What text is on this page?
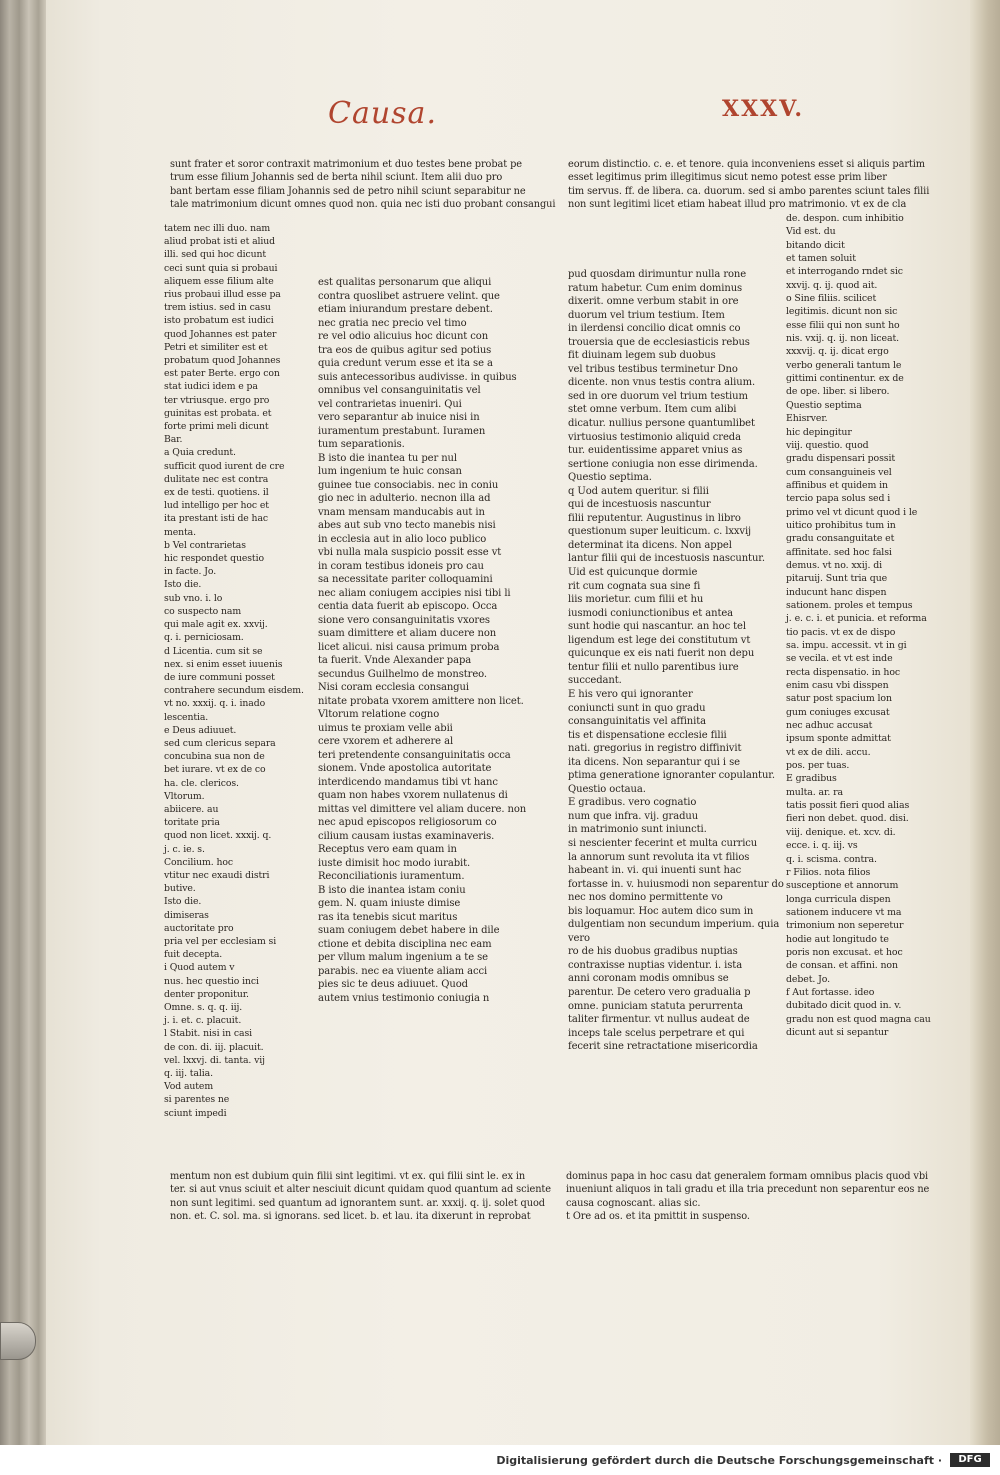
Causa.	XXXV.
sunt frater et soror contraxit matrimonium et duo testes bene probat pe
trum esse filium Johannis sed de berta nihil sciunt. Item alii duo pro
bant bertam esse filiam Johannis sed de petro nihil sciunt separabitur ne
tale matrimonium dicunt omnes quod non. quia nec isti duo probant consangui
eorum distinctio. c. e. et tenore. quia inconveniens esset si aliquis partim
esset legitimus prim illegitimus sicut nemo potest esse prim liber
tim servus. ff. de libera. ca. duorum. sed si ambo parentes sciunt tales filii
non sunt legitimi licet etiam habeat illud pro matrimonio. vt ex de cla
tatem nec illi duo. nam
aliud probat isti et aliud
illi. sed qui hoc dicunt
ceci sunt quia si probaui
aliquem esse filium alte
rius probaui illud esse pa
trem istius. sed in casu
isto probatum est iudici
quod Johannes est pater
Petri et similiter est et
probatum quod Johannes
est pater Berte. ergo con
stat iudici idem e pa
ter vtriusque. ergo pro
guinitas est probata. et
forte primi meli dicunt
Bar.
a Quia credunt.
sufficit quod iurent de cre
dulitate nec est contra
ex de testi. quotiens. il
lud intelligo per hoc et
ita prestant isti de hac
menta.
b Vel contrarietas
hic respondet questio
in facte. Jo.
Isto die.
sub vno. i. lo
co suspecto nam
qui male agit ex. xxvij.
q. i. perniciosam.
d Licentia. cum sit se
nex. si enim esset iuuenis
de iure communi posset
contrahere secundum eisdem.
vt no. xxxij. q. i. inado
lescentia.
e Deus adiuuet.
sed cum clericus separa
concubina sua non de
bet iurare. vt ex de co
ha. cle. clericos.
Vltorum.
abiicere. au
toritate pria
quod non licet. xxxij. q.
j. c. ie. s.
Concilium. hoc
vtitur nec exaudi distri
butive.
Isto die.
dimiseras
auctoritate pro
pria vel per ecclesiam si
fuit decepta.
i Quod autem v
nus. hec questio inci
denter proponitur.
Omne. s. q. q. iij.
j. i. et. c. placuit.
l Stabit. nisi in casi
de con. di. iij. placuit.
vel. lxxvj. di. tanta. vij
q. iij. talia.
Vod autem
si parentes ne
sciunt impedi
est qualitas personarum que aliqui
contra quoslibet astruere velint. que
etiam iniurandum prestare debent.
nec gratia nec precio vel timo
re vel odio alicuius hoc dicunt con
tra eos de quibus agitur sed potius
quia credunt verum esse et ita se a
suis antecessoribus audivisse. in quibus
omnibus vel consanguinitatis vel
vel contrarietas inueniri. Qui
vero separantur ab inuice nisi in
iuramentum prestabunt. Iuramen
tum separationis.
B isto die inantea tu per nul
lum ingenium te huic consan
guinee tue consociabis. nec in coniu
gio nec in adulterio. necnon illa ad
vnam mensam manducabis aut in
abes aut sub vno tecto manebis nisi
in ecclesia aut in alio loco publico
vbi nulla mala suspicio possit esse vt
in coram testibus idoneis pro cau
sa necessitate pariter colloquamini
nec aliam coniugem accipies nisi tibi li
centia data fuerit ab episcopo. Occa
sione vero consanguinitatis vxores
suam dimittere et aliam ducere non
licet alicui. nisi causa primum proba
ta fuerit. Vnde Alexander papa
secundus Guilhelmo de monstreo.
Nisi coram ecclesia consangui
nitate probata vxorem amittere non licet.
Vltorum relatione cogno
uimus te proxiam velle abii
cere vxorem et adherere al
teri pretendente consanguinitatis occa
sionem. Vnde apostolica autoritate
interdicendo mandamus tibi vt hanc
quam non habes vxorem nullatenus di
mittas vel dimittere vel aliam ducere. non
nec apud episcopos religiosorum co
cilium causam iustas examinaveris.
Receptus vero eam quam in
iuste dimisit hoc modo iurabit.
Reconciliationis iuramentum.
B isto die inantea istam coniu
gem. N. quam iniuste dimise
ras ita tenebis sicut maritus
suam coniugem debet habere in dile
ctione et debita disciplina nec eam
per vllum malum ingenium a te se
parabis. nec ea viuente aliam acci
pies sic te deus adiuuet. Quod
autem vnius testimonio coniugia n
pud quosdam dirimuntur nulla rone
ratum habetur. Cum enim dominus
dixerit. omne verbum stabit in ore
duorum vel trium testium. Item
in ilerdensi concilio dicat omnis co
trouersia que de ecclesiasticis rebus
fit diuinam legem sub duobus
vel tribus testibus terminetur Dno
dicente. non vnus testis contra alium.
sed in ore duorum vel trium testium
stet omne verbum. Item cum alibi
dicatur. nullius persone quantumlibet
virtuosius testimonio aliquid creda
tur. euidentissime apparet vnius as
sertione coniugia non esse dirimenda.
Questio septima.
q Uod autem queritur. si filii
qui de incestuosis nascuntur
filii reputentur. Augustinus in libro
questionum super leuiticum. c. lxxvij
determinat ita dicens. Non appel
lantur filii qui de incestuosis nascuntur.
Uid est quicunque dormie
rit cum cognata sua sine fi
liis morietur. cum filii et hu
iusmodi coniunctionibus et antea
sunt hodie qui nascantur. an hoc tel
ligendum est lege dei constitutum vt
quicunque ex eis nati fuerit non depu
tentur filii et nullo parentibus iure
succedant.
E his vero qui ignoranter
coniuncti sunt in quo gradu
consanguinitatis vel affinita
tis et dispensatione ecclesie filii
nati. gregorius in registro diffinivit
ita dicens. Non separantur qui i se
ptima generatione ignoranter copulantur.
Questio octaua.
E gradibus. vero cognatio
num que infra. vij. graduu
in matrimonio sunt iniuncti.
si nescienter fecerint et multa curricu
la annorum sunt revoluta ita vt filios
habeant in. vi. qui inuenti sunt hac
fortasse in. v. huiusmodi non separentur do
nec nos domino permittente vo
bis loquamur. Hoc autem dico sum in
dulgentiam non secundum imperium. quia vero
ro de his duobus gradibus nuptias
contraxisse nuptias videntur. i. ista
anni coronam modis omnibus se
parentur. De cetero vero gradualia p
omne. puniciam statuta perurrenta
taliter firmentur. vt nullus audeat de
inceps tale scelus perpetrare et qui
fecerit sine retractatione misericordia
de. despon. cum inhibitio
Vid est. du
bitando dicit
et tamen soluit
et interrogando rndet sic
xxvij. q. ij. quod ait.
o Sine filiis. scilicet
legitimis. dicunt non sic
esse filii qui non sunt ho
nis. vxij. q. ij. non liceat.
xxxvij. q. ij. dicat ergo
verbo generali tantum le
gittimi continentur. ex de
de ope. liber. si libero.
Questio septima
Ehisrver.
hic depingitur
viij. questio. quod
gradu dispensari possit
cum consanguineis vel
affinibus et quidem in
tercio papa solus sed i
primo vel vt dicunt quod i le
uitico prohibitus tum in
gradu consanguitate et
affinitate. sed hoc falsi
demus. vt no. xxij. di
pitaruij. Sunt tria que
inducunt hanc dispen
sationem. proles et tempus
j. e. c. i. et punicia. et reforma
tio pacis. vt ex de dispo
sa. impu. accessit. vt in gi
se vecila. et vt est inde
recta dispensatio. in hoc
enim casu vbi disspen
satur post spacium lon
gum coniuges excusat
nec adhuc accusat
ipsum sponte admittat
vt ex de dili. accu.
pos. per tuas.
E gradibus
multa. ar. ra
tatis possit fieri quod alias
fieri non debet. quod. disi.
viij. denique. et. xcv. di.
ecce. i. q. iij. vs
q. i. scisma. contra.
r Filios. nota filios
susceptione et annorum
longa curricula dispen
sationem inducere vt ma
trimonium non seperetur
hodie aut longitudo te
poris non excusat. et hoc
de consan. et affini. non
debet. Jo.
f Aut fortasse. ideo
dubitado dicit quod in. v.
gradu non est quod magna cau
dicunt aut si sepantur
mentum non est dubium quin filii sint legitimi. vt ex. qui filii sint le. ex in
ter. si aut vnus sciuit et alter nesciuit dicunt quidam quod quantum ad sciente
non sunt legitimi. sed quantum ad ignorantem sunt. ar. xxxij. q. ij. solet quod
non. et. C. sol. ma. si ignorans. sed licet. b. et lau. ita dixerunt in reprobat
dominus papa in hoc casu dat generalem formam omnibus placis quod vbi
inueniunt aliquos in tali gradu et illa tria precedunt non separentur eos ne
causa cognoscant. alias sic.
t Ore ad os. et ita pmittit in suspenso.
Digitalisierung gefördert durch die Deutsche Forschungsgemeinschaft ·	DFG
